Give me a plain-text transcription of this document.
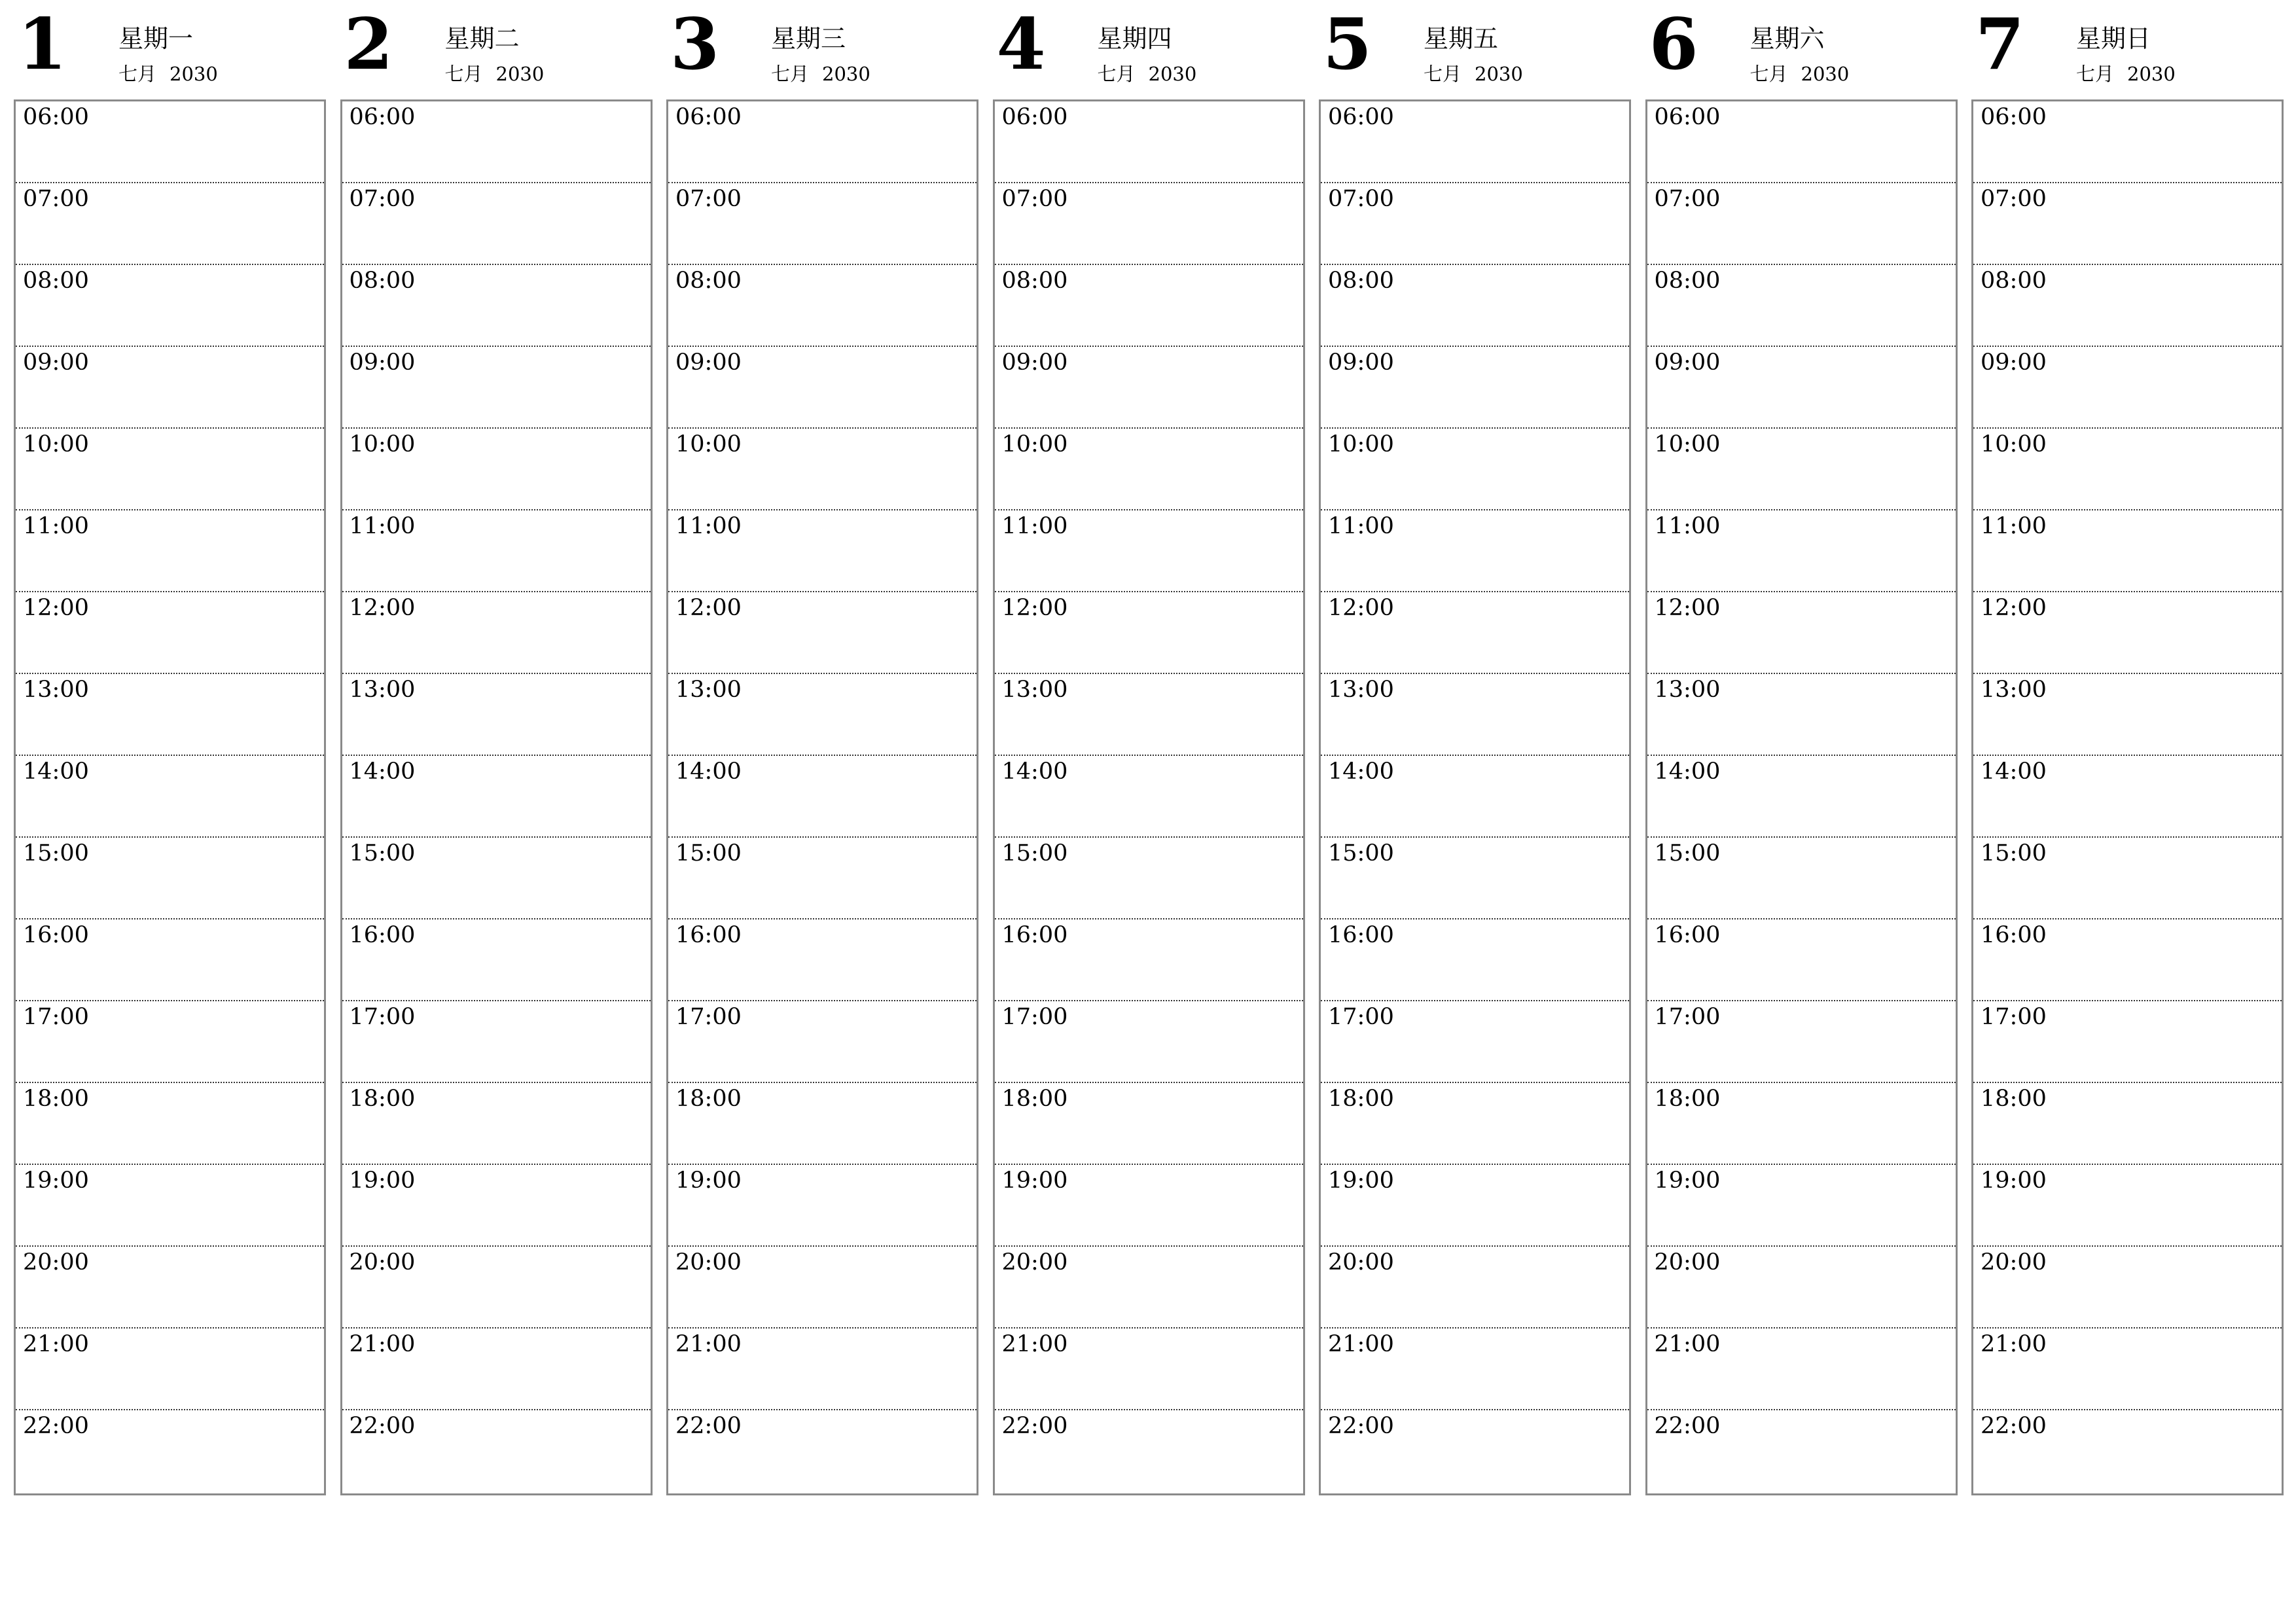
1 星期一
七月 2030
06:00
07:00
08:00
09:00
10:00
11:00
12:00
13:00
14:00
15:00
16:00
17:00
18:00
19:00
20:00
21:00
22:00
2 星期二
七月 2030
06:00
07:00
08:00
09:00
10:00
11:00
12:00
13:00
14:00
15:00
16:00
17:00
18:00
19:00
20:00
21:00
22:00
3 星期三
七月 2030
06:00
07:00
08:00
09:00
10:00
11:00
12:00
13:00
14:00
15:00
16:00
17:00
18:00
19:00
20:00
21:00
22:00
4 星期四
七月 2030
06:00
07:00
08:00
09:00
10:00
11:00
12:00
13:00
14:00
15:00
16:00
17:00
18:00
19:00
20:00
21:00
22:00
5 星期五
七月 2030
06:00
07:00
08:00
09:00
10:00
11:00
12:00
13:00
14:00
15:00
16:00
17:00
18:00
19:00
20:00
21:00
22:00
6 星期六
七月 2030
06:00
07:00
08:00
09:00
10:00
11:00
12:00
13:00
14:00
15:00
16:00
17:00
18:00
19:00
20:00
21:00
22:00
7 星期日
七月 2030
06:00
07:00
08:00
09:00
10:00
11:00
12:00
13:00
14:00
15:00
16:00
17:00
18:00
19:00
20:00
21:00
22:00
